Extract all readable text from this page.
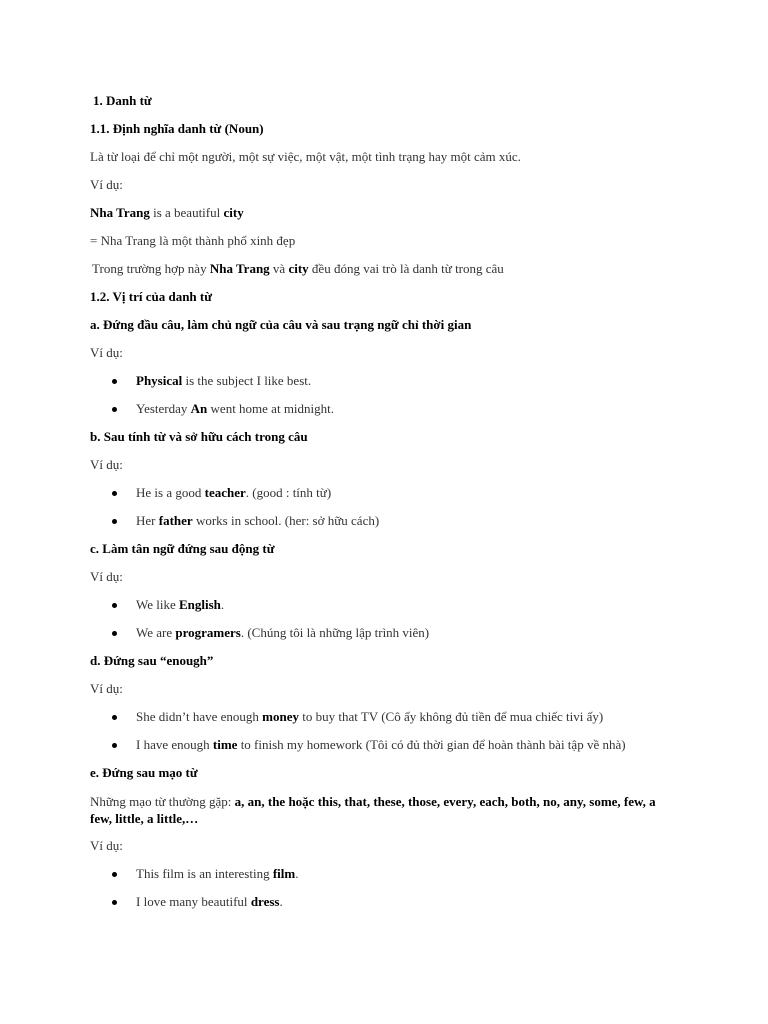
1. Danh từ
1.1. Định nghĩa danh từ (Noun)
Là từ loại để chỉ một người, một sự việc, một vật, một tình trạng hay một cảm xúc.
Ví dụ:
Nha Trang is a beautiful city
= Nha Trang là một thành phố xinh đẹp
Trong trường hợp này Nha Trang và city đều đóng vai trò là danh từ trong câu
1.2. Vị trí của danh từ
a. Đứng đầu câu, làm chủ ngữ của câu và sau trạng ngữ chỉ thời gian
Ví dụ:
Physical is the subject I like best.
Yesterday An went home at midnight.
b. Sau tính từ và sở hữu cách trong câu
Ví dụ:
He is a good teacher. (good : tính từ)
Her father works in school. (her: sở hữu cách)
c. Làm tân ngữ đứng sau động từ
Ví dụ:
We like English.
We are programers. (Chúng tôi là những lập trình viên)
d. Đứng sau “enough”
Ví dụ:
She didn’t have enough money to buy that TV (Cô ấy không đủ tiền để mua chiếc tivi ấy)
I have enough time to finish my homework (Tôi có đủ thời gian để hoàn thành bài tập về nhà)
e. Đứng sau mạo từ
Những mạo từ thường gặp: a, an, the hoặc this, that, these, those, every, each, both, no, any, some, few, a few, little, a little,…
Ví dụ:
This film is an interesting film.
I love many beautiful dress.
